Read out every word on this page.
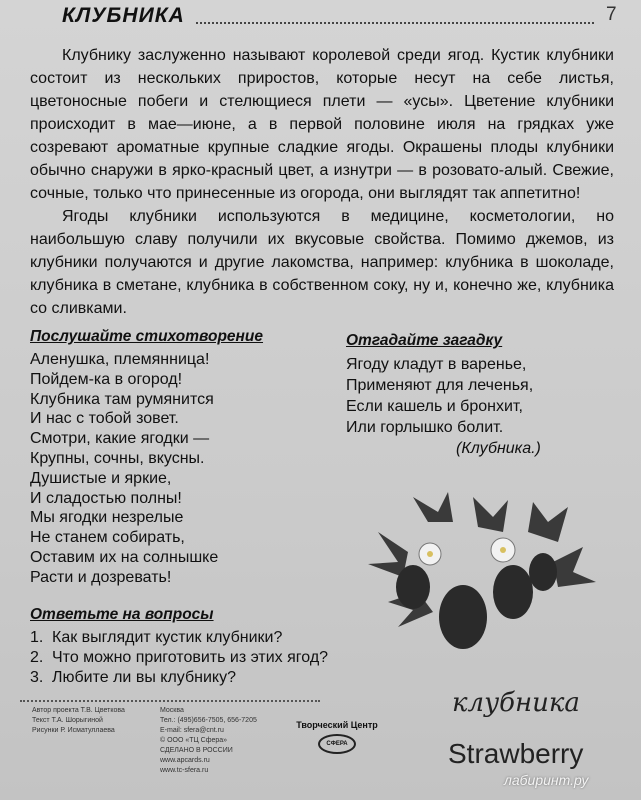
КЛУБНИКА	7

Клубнику заслуженно называют королевой среди ягод. Кустик клубники состоит из нескольких приростов, которые несут на себе листья, цветоносные побеги и стелющиеся плети — «усы». Цветение клубники происходит в мае—июне, а в первой половине июля на грядках уже созревают ароматные крупные сладкие ягоды. Окрашены плоды клубники обычно снаружи в ярко-красный цвет, а изнутри — в розовато-алый. Свежие, сочные, только что принесенные из огорода, они выглядят так аппетитно!

Ягоды клубники используются в медицине, косметологии, но наибольшую славу получили их вкусовые свойства. Помимо джемов, из клубники получаются и другие лакомства, например: клубника в шоколаде, клубника в сметане, клубника в собственном соку, ну и, конечно же, клубника со сливками.

Послушайте стихотворение
Аленушка, племянница!
Пойдем-ка в огород!
Клубника там румянится
И нас с тобой зовет.
Смотри, какие ягодки —
Крупны, сочны, вкусны.
Душистые и яркие,
И сладостью полны!
Мы ягодки незрелые
Не станем собирать,
Оставим их на солнышке
Расти и дозревать!
Отгадайте загадку
Ягоду кладут в варенье,
Применяют для леченья,
Если кашель и бронхит,
Или горлышко болит.
(Клубника.)
Ответьте на вопросы
1. Как выглядит кустик клубники?
2. Что можно приготовить из этих ягод?
3. Любите ли вы клубнику?
Автор проекта Т.В. Цветкова
Текст Т.А. Шорыгиной
Рисунки Р. Исматуллаева
Москва
Тел.: (495)656-7505, 656-7205
E-mail: sfera@cnt.ru
© ООО «ТЦ Сфера»
СДЕЛАНО В РОССИИ
www.apcards.ru
www.tc-sfera.ru
Творческий Центр
СФЕРА
клубника
Strawberry
лабиринт.ру
